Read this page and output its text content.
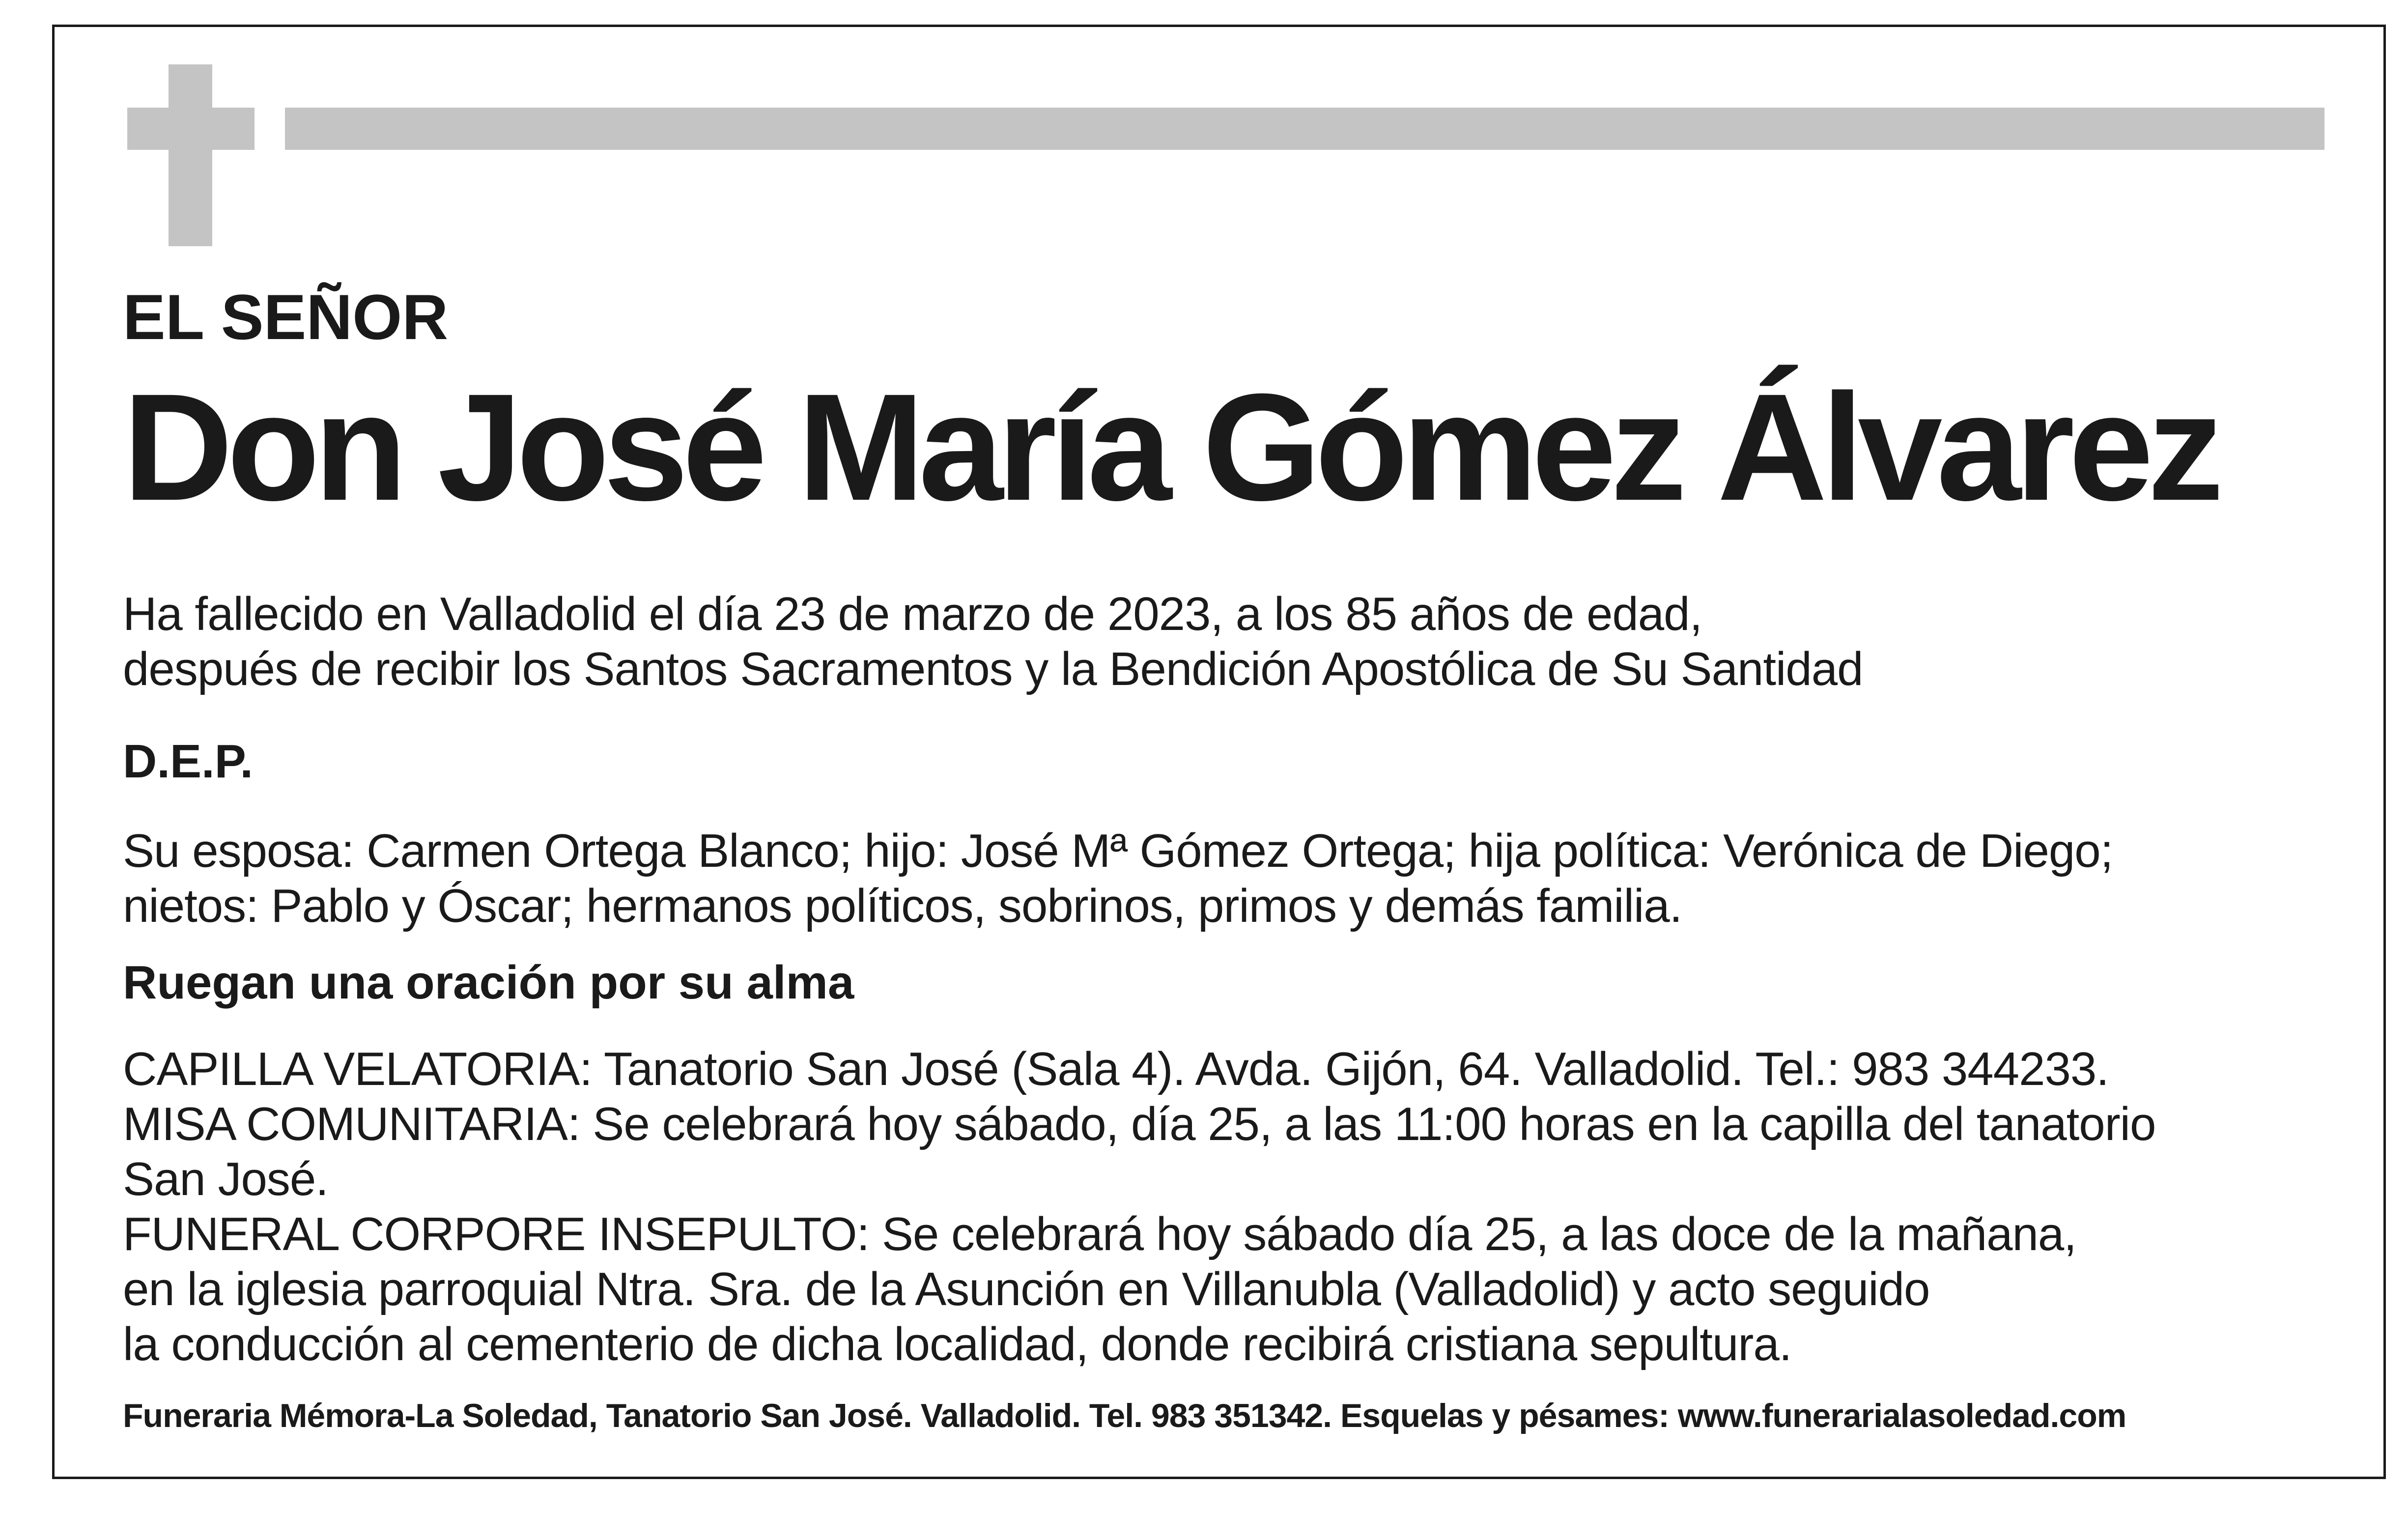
EL SEÑOR

Don José María Gómez Álvarez

Ha fallecido en Valladolid el día 23 de marzo de 2023, a los 85 años de edad,

después de recibir los Santos Sacramentos y la Bendición Apostólica de Su Santidad

D.E.P.

Su esposa: Carmen Ortega Blanco; hijo: José Mª Gómez Ortega; hija política: Verónica de Diego;

nietos: Pablo y Óscar; hermanos políticos, sobrinos, primos y demás familia.

Ruegan una oración por su alma

CAPILLA VELATORIA: Tanatorio San José (Sala 4). Avda. Gijón, 64. Valladolid. Tel.: 983 344233.

MISA COMUNITARIA: Se celebrará hoy sábado, día 25, a las 11:00 horas en la capilla del tanatorio

San José.

FUNERAL CORPORE INSEPULTO: Se celebrará hoy sábado día 25, a las doce de la mañana,

en la iglesia parroquial Ntra. Sra. de la Asunción en Villanubla (Valladolid) y acto seguido

la conducción al cementerio de dicha localidad, donde recibirá cristiana sepultura.

Funeraria Mémora-La Soledad, Tanatorio San José. Valladolid. Tel. 983 351342. Esquelas y pésames: www.funerarialasoledad.com
